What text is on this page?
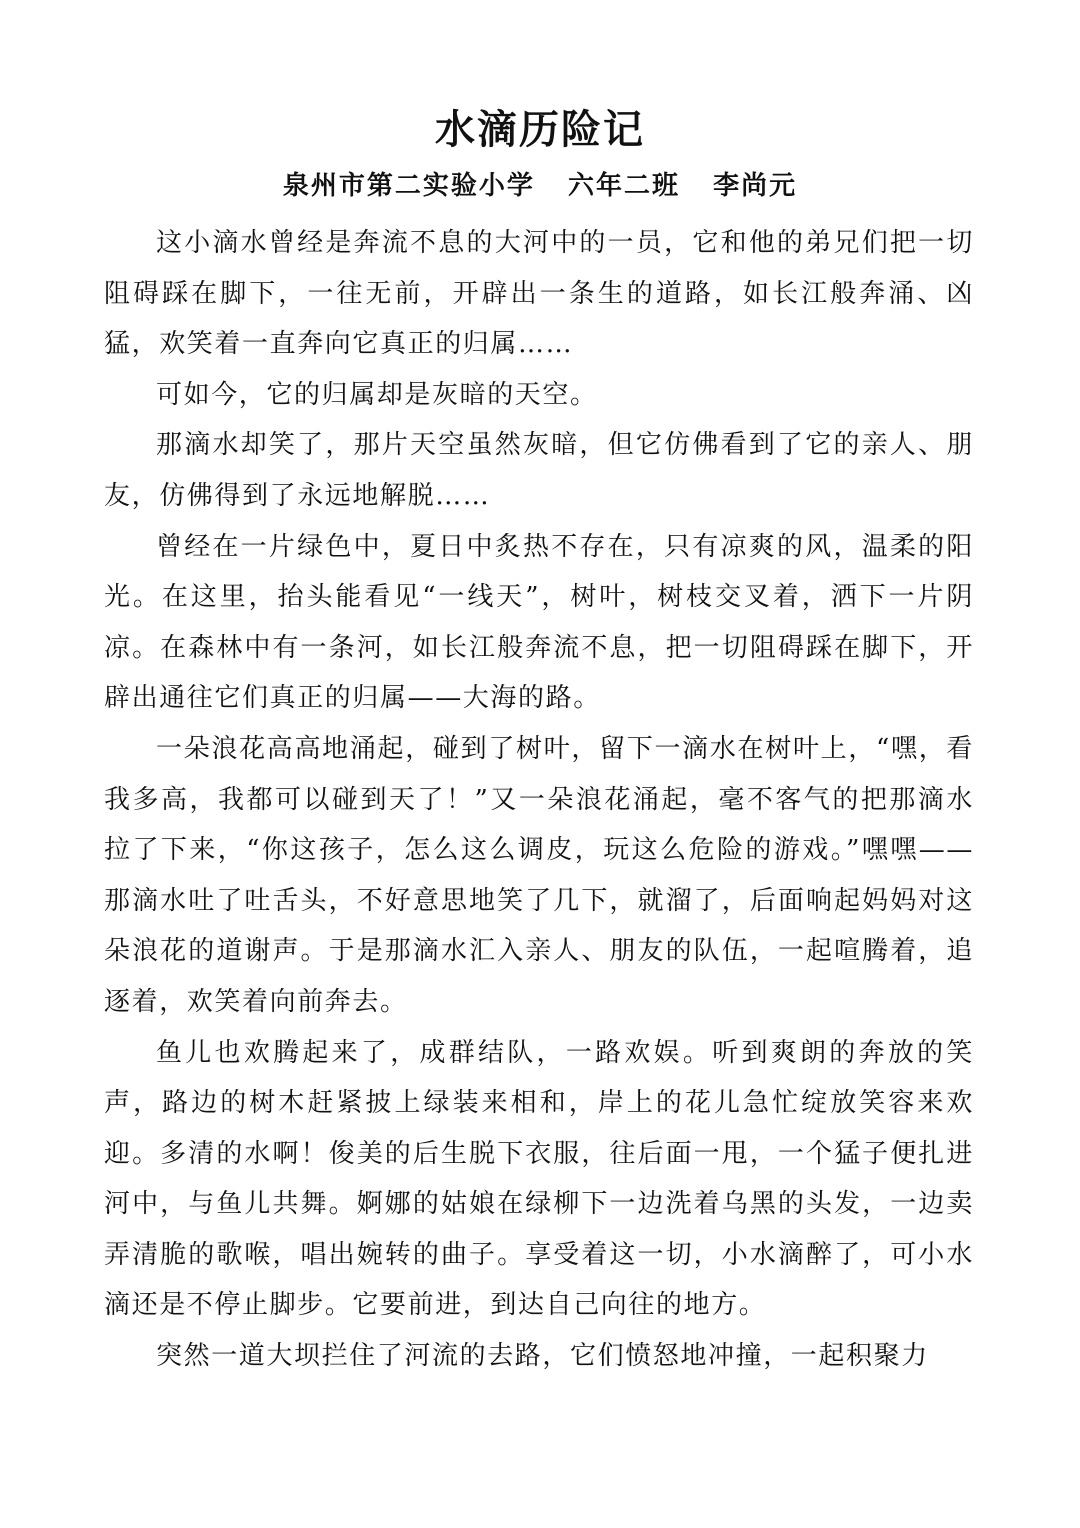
水滴历险记
泉州市第二实验小学   六年二班   李尚元

这小滴水曾经是奔流不息的大河中的一员，它和他的弟兄们把一切阻碍踩在脚下，一往无前，开辟出一条生的道路，如长江般奔涌、凶猛，欢笑着一直奔向它真正的归属……

可如今，它的归属却是灰暗的天空。

那滴水却笑了，那片天空虽然灰暗，但它仿佛看到了它的亲人、朋友，仿佛得到了永远地解脱……

曾经在一片绿色中，夏日中炙热不存在，只有凉爽的风，温柔的阳光。在这里，抬头能看见“一线天”，树叶，树枝交叉着，洒下一片阴凉。在森林中有一条河，如长江般奔流不息，把一切阻碍踩在脚下，开辟出通往它们真正的归属——大海的路。

一朵浪花高高地涌起，碰到了树叶，留下一滴水在树叶上，“嘿，看我多高，我都可以碰到天了！”又一朵浪花涌起，毫不客气的把那滴水拉了下来，“你这孩子，怎么这么调皮，玩这么危险的游戏。”嘿嘿——那滴水吐了吐舌头，不好意思地笑了几下，就溜了，后面响起妈妈对这朵浪花的道谢声。于是那滴水汇入亲人、朋友的队伍，一起喧腾着，追逐着，欢笑着向前奔去。

鱼儿也欢腾起来了，成群结队，一路欢娱。听到爽朗的奔放的笑声，路边的树木赶紧披上绿装来相和，岸上的花儿急忙绽放笑容来欢迎。多清的水啊！俊美的后生脱下衣服，往后面一甩，一个猛子便扎进河中，与鱼儿共舞。婀娜的姑娘在绿柳下一边洗着乌黑的头发，一边卖弄清脆的歌喉，唱出婉转的曲子。享受着这一切，小水滴醉了，可小水滴还是不停止脚步。它要前进，到达自己向往的地方。

突然一道大坝拦住了河流的去路，它们愤怒地冲撞，一起积聚力
